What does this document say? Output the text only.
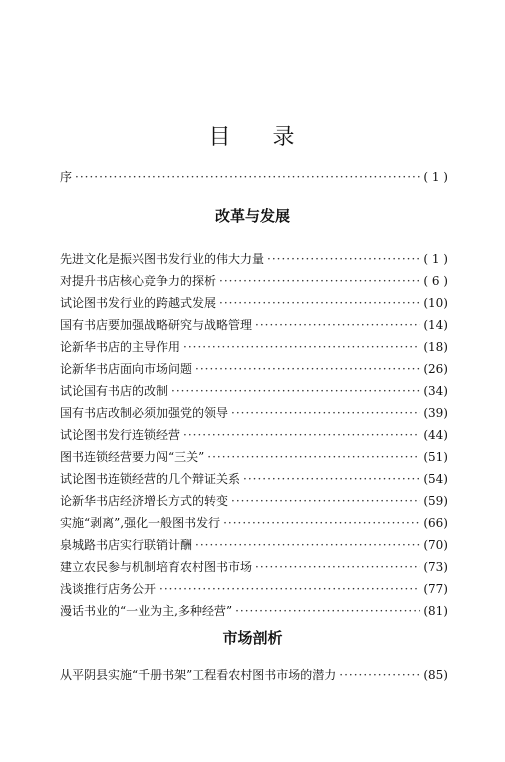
目 录
序 ·····	( 1 )
改革与发展
先进文化是振兴图书发行业的伟大力量 ·····	( 1 )
对提升书店核心竞争力的探析 ·····	( 6 )
试论图书发行业的跨越式发展 ·····	(10)
国有书店要加强战略研究与战略管理 ·····	(14)
论新华书店的主导作用 ·····	(18)
论新华书店面向市场问题 ·····	(26)
试论国有书店的改制 ·····	(34)
国有书店改制必须加强党的领导 ·····	(39)
试论图书发行连锁经营 ·····	(44)
图书连锁经营要力闯“三关” ·····	(51)
试论图书连锁经营的几个辩证关系 ·····	(54)
论新华书店经济增长方式的转变 ·····	(59)
实施“剥离”,强化一般图书发行 ·····	(66)
泉城路书店实行联销计酬 ·····	(70)
建立农民参与机制培育农村图书市场 ·····	(73)
浅谈推行店务公开 ·····	(77)
漫话书业的“一业为主,多种经营” ·····	(81)
市场剖析
从平阴县实施“千册书架”工程看农村图书市场的潜力 ·····	(85)
